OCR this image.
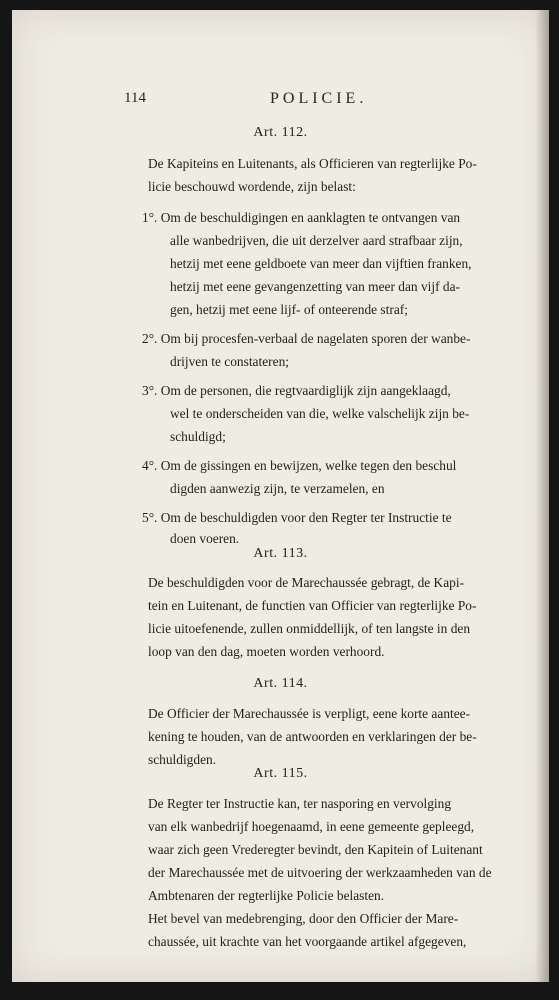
114	POLICIE.
Art. 112.
De Kapiteins en Luitenants, als Officieren van regterlijke Po-
licie beschouwd wordende, zijn belast:
1°. Om de beschuldigingen en aanklagten te ontvangen van
alle wanbedrijven, die uit derzelver aard strafbaar zijn,
hetzij met eene geldboete van meer dan vijftien franken,
hetzij met eene gevangenzetting van meer dan vijf da-
gen, hetzij met eene lijf- of onteerende straf;
2°. Om bij procesfen-verbaal de nagelaten sporen der wanbe-
drijven te constateren;
3°. Om de personen, die regtvaardiglijk zijn aangeklaagd,
wel te onderscheiden van die, welke valschelijk zijn be-
schuldigd;
4°. Om de gissingen en bewijzen, welke tegen den beschul
digden aanwezig zijn, te verzamelen, en
5°. Om de beschuldigden voor den Regter ter Instructie te
doen voeren.
Art. 113.
De beschuldigden voor de Marechaussée gebragt, de Kapi-
tein en Luitenant, de functien van Officier van regterlijke Po-
licie uitoefenende, zullen onmiddellijk, of ten langste in den
loop van den dag, moeten worden verhoord.
Art. 114.
De Officier der Marechaussée is verpligt, eene korte aantee-
kening te houden, van de antwoorden en verklaringen der be-
schuldigden.
Art. 115.
De Regter ter Instructie kan, ter nasporing en vervolging
van elk wanbedrijf hoegenaamd, in eene gemeente gepleegd,
waar zich geen Vrederegter bevindt, den Kapitein of Luitenant
der Marechaussée met de uitvoering der werkzaamheden van de
Ambtenaren der regterlijke Policie belasten.
Het bevel van medebrenging, door den Officier der Mare-
chaussée, uit krachte van het voorgaande artikel afgegeven,
